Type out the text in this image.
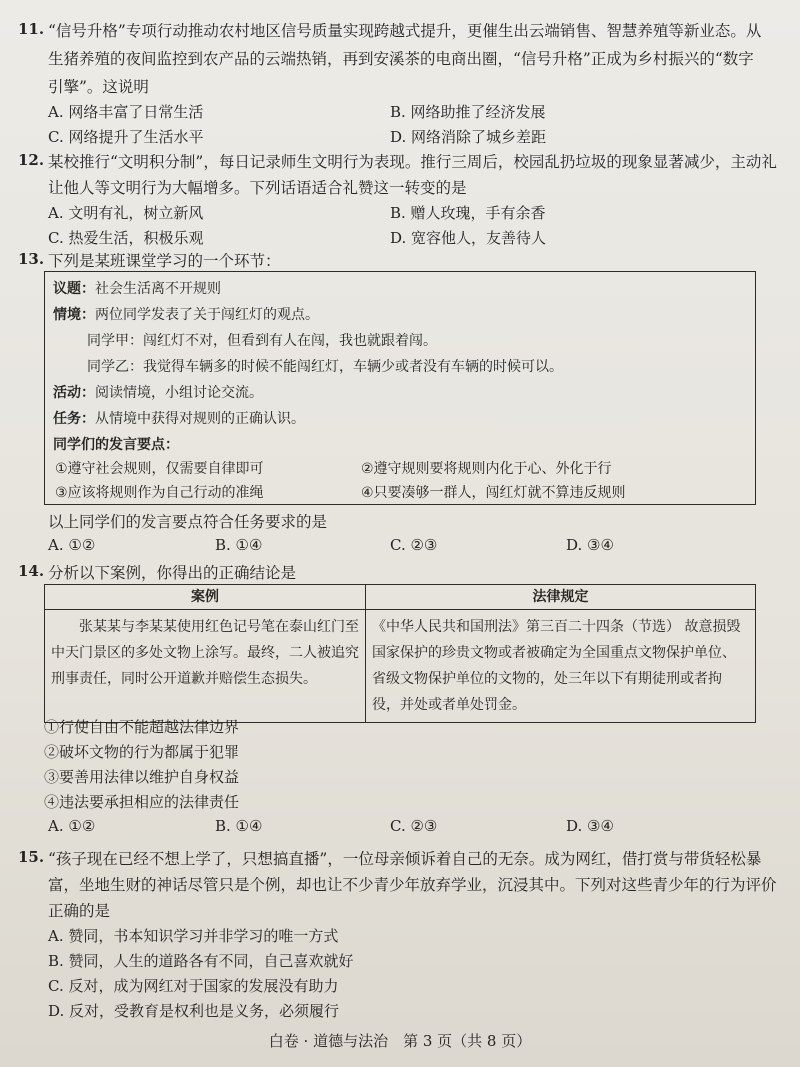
11. “信号升格”专项行动推动农村地区信号质量实现跨越式提升，更催生出云端销售、智慧养殖等新业态。从
生猪养殖的夜间监控到农产品的云端热销，再到安溪茶的电商出圈，“信号升格”正成为乡村振兴的“数字
引擎”。这说明
A. 网络丰富了日常生活	B. 网络助推了经济发展
C. 网络提升了生活水平	D. 网络消除了城乡差距
12. 某校推行“文明积分制”，每日记录师生文明行为表现。推行三周后，校园乱扔垃圾的现象显著减少，主动礼
让他人等文明行为大幅增多。下列话语适合礼赞这一转变的是
A. 文明有礼，树立新风	B. 赠人玫瑰，手有余香
C. 热爱生活，积极乐观	D. 宽容他人，友善待人
13. 下列是某班课堂学习的一个环节：
议题：社会生活离不开规则
情境：两位同学发表了关于闯红灯的观点。
同学甲：闯红灯不对，但看到有人在闯，我也就跟着闯。
同学乙：我觉得车辆多的时候不能闯红灯，车辆少或者没有车辆的时候可以。
活动：阅读情境，小组讨论交流。
任务：从情境中获得对规则的正确认识。
同学们的发言要点：
①遵守社会规则，仅需要自律即可	②遵守规则要将规则内化于心、外化于行
③应该将规则作为自己行动的准绳	④只要凑够一群人，闯红灯就不算违反规则
以上同学们的发言要点符合任务要求的是
A. ①②	B. ①④	C. ②③	D. ③④
14. 分析以下案例，你得出的正确结论是
案例	法律规定
张某某与李某某使用红色记号笔在泰山红门至中天门景区的多处文物上涂写。最终，二人被追究刑事责任，同时公开道歉并赔偿生态损失。	《中华人民共和国刑法》第三百二十四条（节选） 故意损毁国家保护的珍贵文物或者被确定为全国重点文物保护单位、省级文物保护单位的文物的，处三年以下有期徒刑或者拘役，并处或者单处罚金。
①行使自由不能超越法律边界
②破坏文物的行为都属于犯罪
③要善用法律以维护自身权益
④违法要承担相应的法律责任
A. ①②	B. ①④	C. ②③	D. ③④
15. “孩子现在已经不想上学了，只想搞直播”，一位母亲倾诉着自己的无奈。成为网红，借打赏与带货轻松暴
富，坐地生财的神话尽管只是个例，却也让不少青少年放弃学业，沉浸其中。下列对这些青少年的行为评价
正确的是
A. 赞同，书本知识学习并非学习的唯一方式
B. 赞同，人生的道路各有不同，自己喜欢就好
C. 反对，成为网红对于国家的发展没有助力
D. 反对，受教育是权利也是义务，必须履行
白卷 · 道德与法治　第 3 页（共 8 页）
